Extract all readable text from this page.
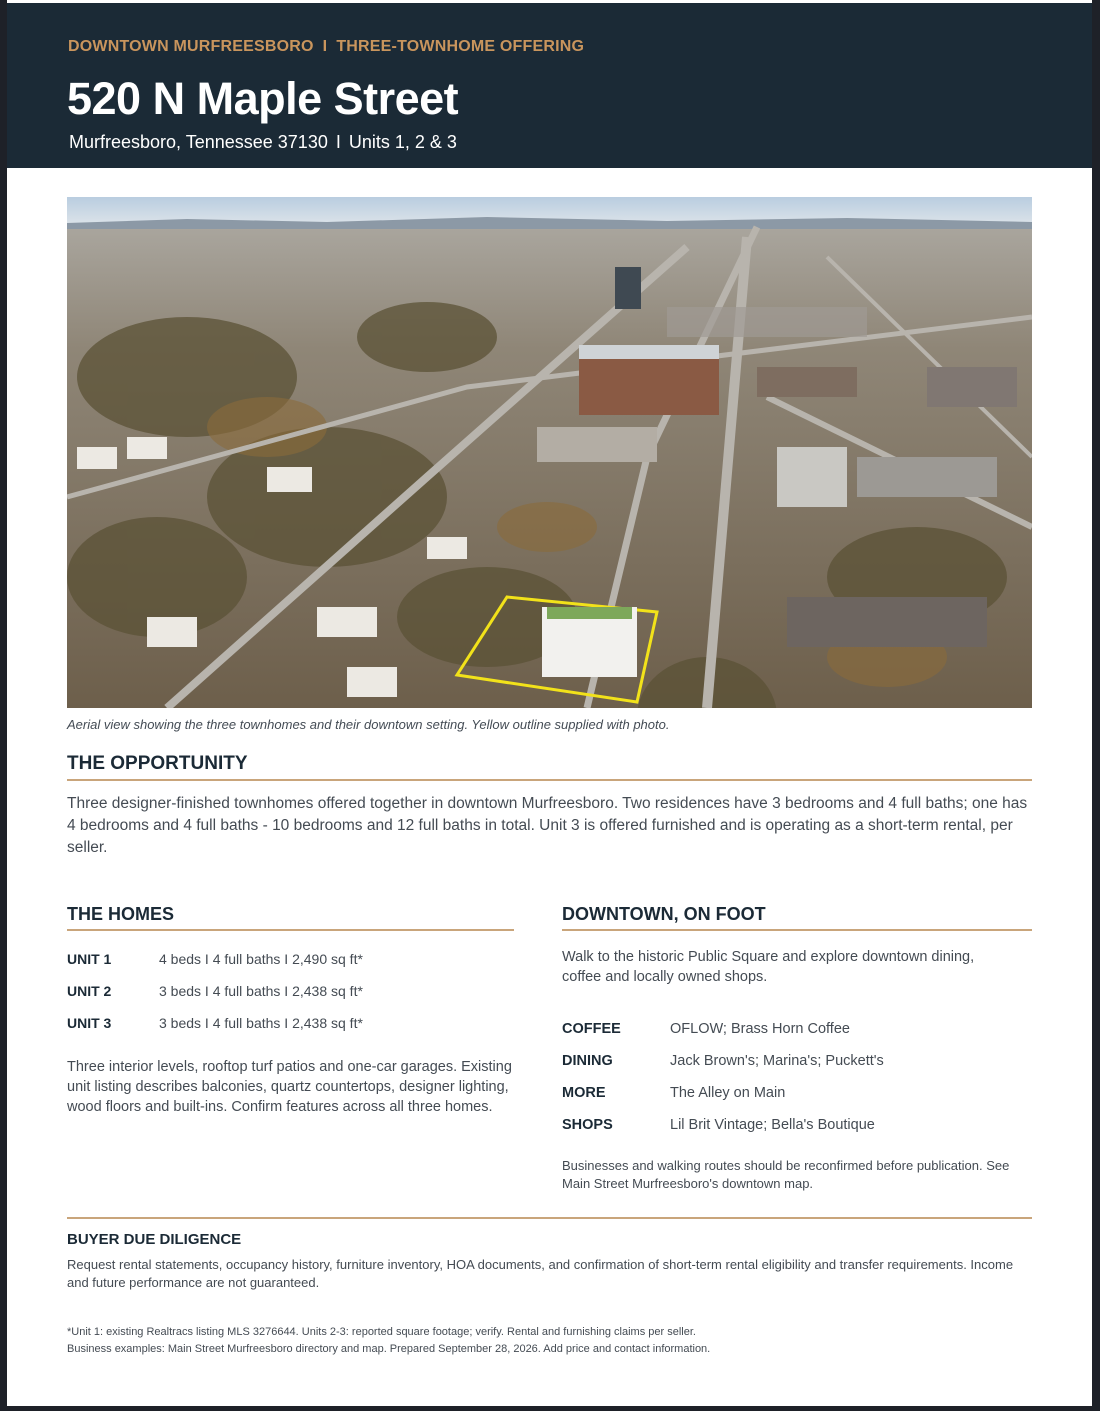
DOWNTOWN MURFREESBORO I THREE-TOWNHOME OFFERING
520 N Maple Street
Murfreesboro, Tennessee 37130 I Units 1, 2 & 3
Aerial view showing the three townhomes and their downtown setting. Yellow outline supplied with photo.
THE OPPORTUNITY
Three designer-finished townhomes offered together in downtown Murfreesboro. Two residences have 3 bedrooms and 4 full baths; one has 4 bedrooms and 4 full baths - 10 bedrooms and 12 full baths in total. Unit 3 is offered furnished and is operating as a short-term rental, per seller.
THE HOMES
UNIT 1	4 beds I 4 full baths I 2,490 sq ft*
UNIT 2	3 beds I 4 full baths I 2,438 sq ft*
UNIT 3	3 beds I 4 full baths I 2,438 sq ft*
Three interior levels, rooftop turf patios and one-car garages. Existing unit listing describes balconies, quartz countertops, designer lighting, wood floors and built-ins. Confirm features across all three homes.
DOWNTOWN, ON FOOT
Walk to the historic Public Square and explore downtown dining, coffee and locally owned shops.
COFFEE	OFLOW; Brass Horn Coffee
DINING	Jack Brown's; Marina's; Puckett's
MORE	The Alley on Main
SHOPS	Lil Brit Vintage; Bella's Boutique
Businesses and walking routes should be reconfirmed before publication. See Main Street Murfreesboro's downtown map.
BUYER DUE DILIGENCE
Request rental statements, occupancy history, furniture inventory, HOA documents, and confirmation of short-term rental eligibility and transfer requirements. Income and future performance are not guaranteed.
*Unit 1: existing Realtracs listing MLS 3276644. Units 2-3: reported square footage; verify. Rental and furnishing claims per seller.
Business examples: Main Street Murfreesboro directory and map. Prepared September 28, 2026. Add price and contact information.
